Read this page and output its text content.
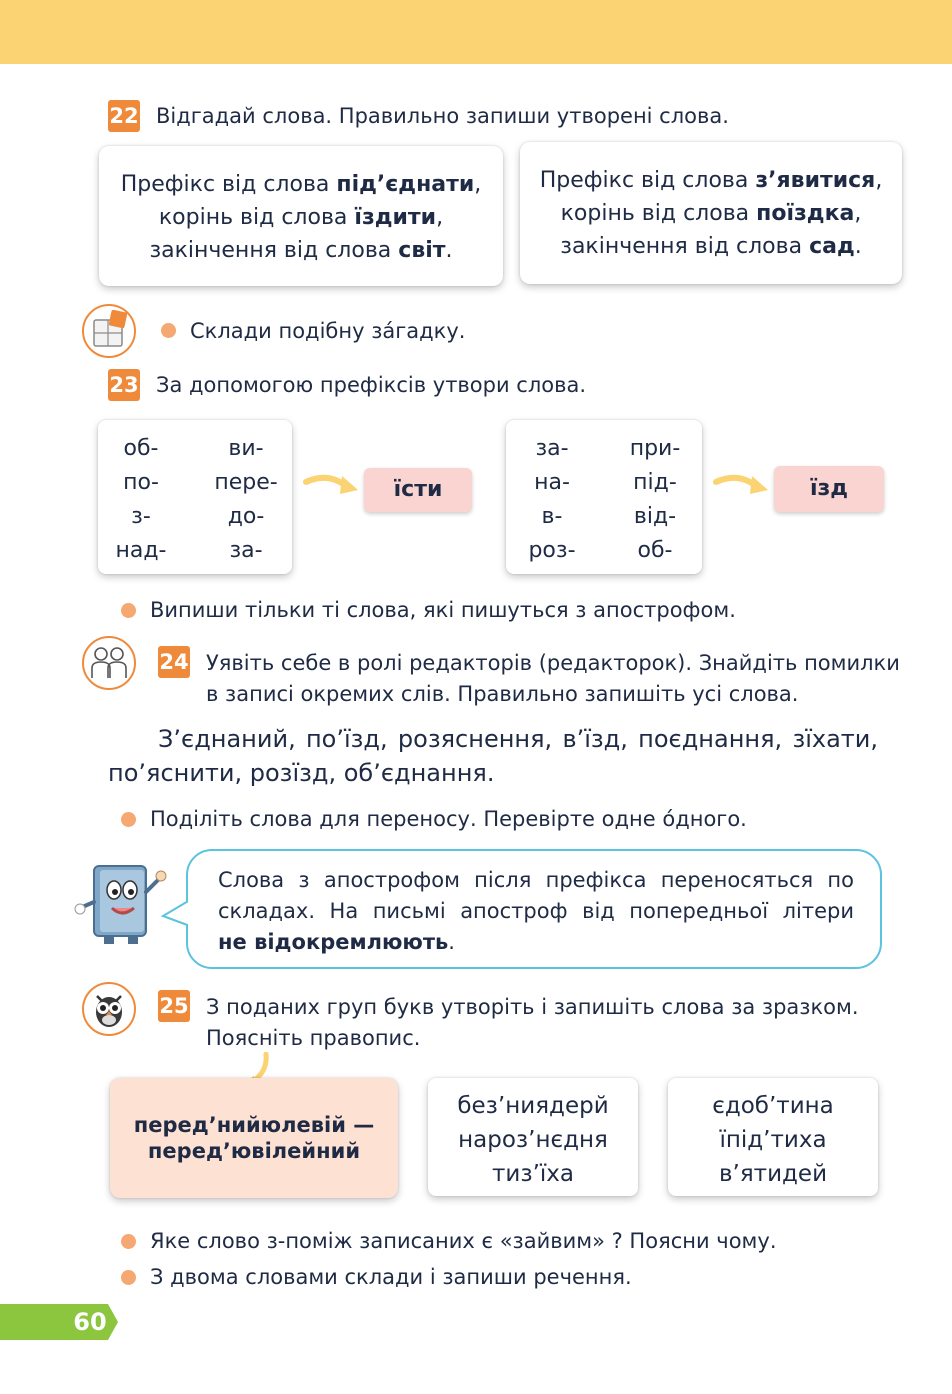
22 Відгадай слова. Правильно запиши утворені слова.
Префікс від слова під’єднати,
корінь від слова їздити,
закінчення від слова світ.
Префікс від слова з’явитися,
корінь від слова поїздка,
закінчення від слова сад.
Склади подібну за́гадку.
23 За допомогою префіксів утвори слова.
об-
по-
з-
над-
ви-
пере-
до-
за-
їсти
за-
на-
в-
роз-
при-
під-
від-
об-
їзд
Випиши тільки ті слова, які пишуться з апострофом.
24 Уявіть себе в ролі редакторів (редакторок). Знайдіть помилки
в записі окремих слів. Правильно запишіть усі слова.
З’єднаний, по’їзд, розяснення, в’їзд, поєднання, зїхати,
по’яснити, розїзд, об’єднання.
Поділіть слова для переносу. Перевірте одне о́дного.
Слова з апострофом після префікса переносяться по
складах. На письмі апостроф від попередньої літери
не відокремлюють.
25 З поданих груп букв утворіть і запишіть слова за зразком.
Поясніть правопис.
перед’нийюлевій —
перед’ювілейний
без’ниядерй
нароз’нєдня
тиз’їха
єдоб’тина
їпід’тиха
в’ятидей
Яке слово з-поміж записаних є «зайвим» ? Поясни чому.
З двома словами склади і запиши речення.
60
